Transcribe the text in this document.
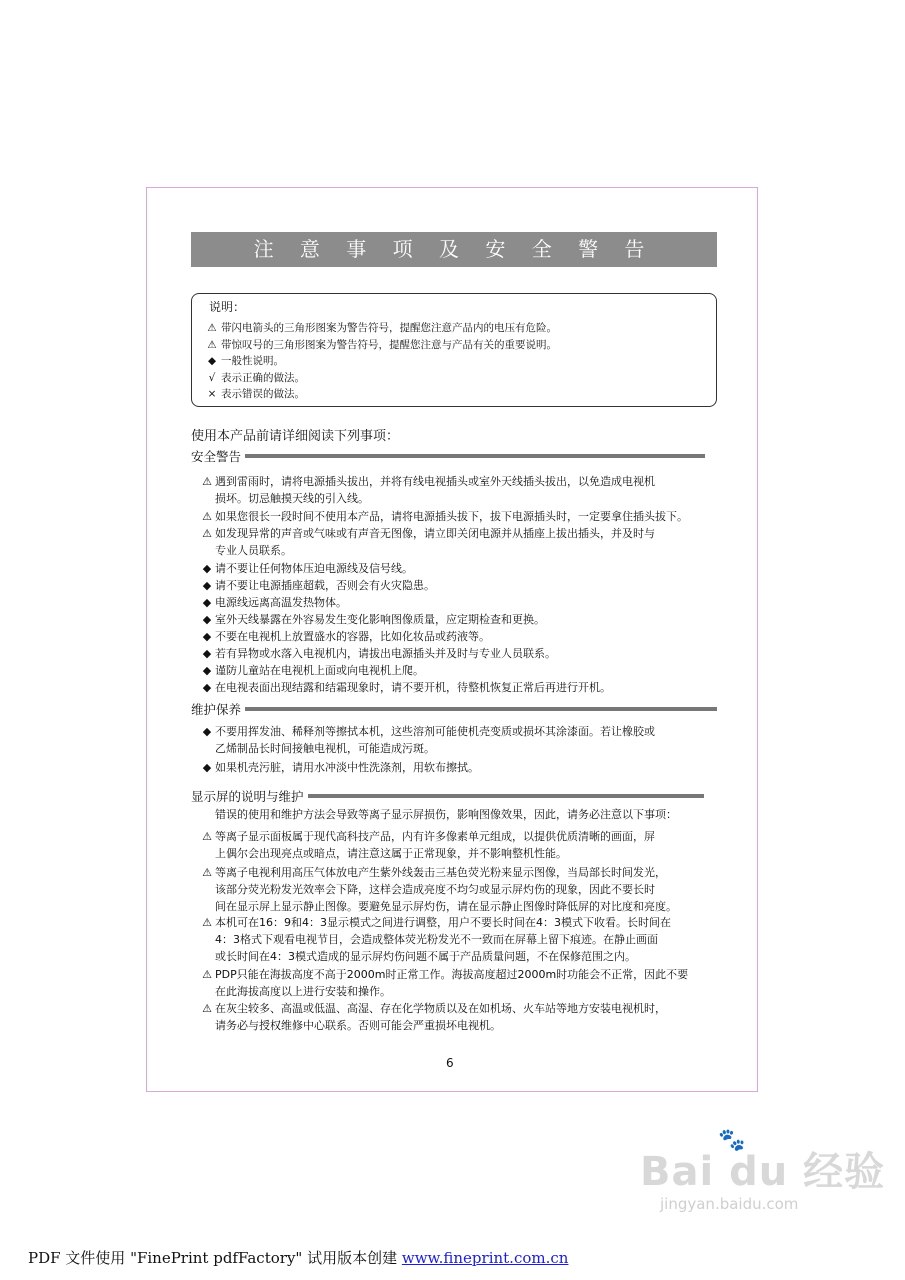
注 意 事 项 及 安 全 警 告
说明：
⚠ 带闪电箭头的三角形图案为警告符号，提醒您注意产品内的电压有危险。
⚠ 带惊叹号的三角形图案为警告符号，提醒您注意与产品有关的重要说明。
◆ 一般性说明。
√ 表示正确的做法。
× 表示错误的做法。
使用本产品前请详细阅读下列事项：
安全警告
⚠ 遇到雷雨时，请将电源插头拔出，并将有线电视插头或室外天线插头拔出，以免造成电视机
损坏。切忌触摸天线的引入线。
⚠ 如果您很长一段时间不使用本产品，请将电源插头拔下，拔下电源插头时，一定要拿住插头拔下。
⚠ 如发现异常的声音或气味或有声音无图像，请立即关闭电源并从插座上拔出插头，并及时与
专业人员联系。
◆ 请不要让任何物体压迫电源线及信号线。
◆ 请不要让电源插座超载，否则会有火灾隐患。
◆ 电源线远离高温发热物体。
◆ 室外天线暴露在外容易发生变化影响图像质量，应定期检查和更换。
◆ 不要在电视机上放置盛水的容器，比如化妆品或药液等。
◆ 若有异物或水落入电视机内，请拔出电源插头并及时与专业人员联系。
◆ 谨防儿童站在电视机上面或向电视机上爬。
◆ 在电视表面出现结露和结霜现象时，请不要开机，待整机恢复正常后再进行开机。
维护保养
◆ 不要用挥发油、稀释剂等擦拭本机，这些溶剂可能使机壳变质或损坏其涂漆面。若让橡胶或
乙烯制品长时间接触电视机，可能造成污斑。
◆ 如果机壳污脏，请用水冲淡中性洗涤剂，用软布擦拭。
显示屏的说明与维护
错误的使用和维护方法会导致等离子显示屏损伤，影响图像效果，因此，请务必注意以下事项：
⚠ 等离子显示面板属于现代高科技产品，内有许多像素单元组成，以提供优质清晰的画面，屏
上偶尔会出现亮点或暗点，请注意这属于正常现象，并不影响整机性能。
⚠ 等离子电视利用高压气体放电产生紫外线轰击三基色荧光粉来显示图像，当局部长时间发光，
该部分荧光粉发光效率会下降，这样会造成亮度不均匀或显示屏灼伤的现象，因此不要长时
间在显示屏上显示静止图像。要避免显示屏灼伤，请在显示静止图像时降低屏的对比度和亮度。
⚠ 本机可在16：9和4：3显示模式之间进行调整，用户不要长时间在4：3模式下收看。长时间在
4：3格式下观看电视节目，会造成整体荧光粉发光不一致而在屏幕上留下痕迹。在静止画面
或长时间在4：3模式造成的显示屏灼伤问题不属于产品质量问题，不在保修范围之内。
⚠ PDP只能在海拔高度不高于2000m时正常工作。海拔高度超过2000m时功能会不正常，因此不要
在此海拔高度以上进行安装和操作。
⚠ 在灰尘较多、高温或低温、高湿、存在化学物质以及在如机场、火车站等地方安装电视机时，
请务必与授权维修中心联系。否则可能会严重损坏电视机。
6
🐾
Bai du 经验
jingyan.baidu.com
PDF 文件使用 "FinePrint pdfFactory" 试用版本创建 www.fineprint.com.cn
